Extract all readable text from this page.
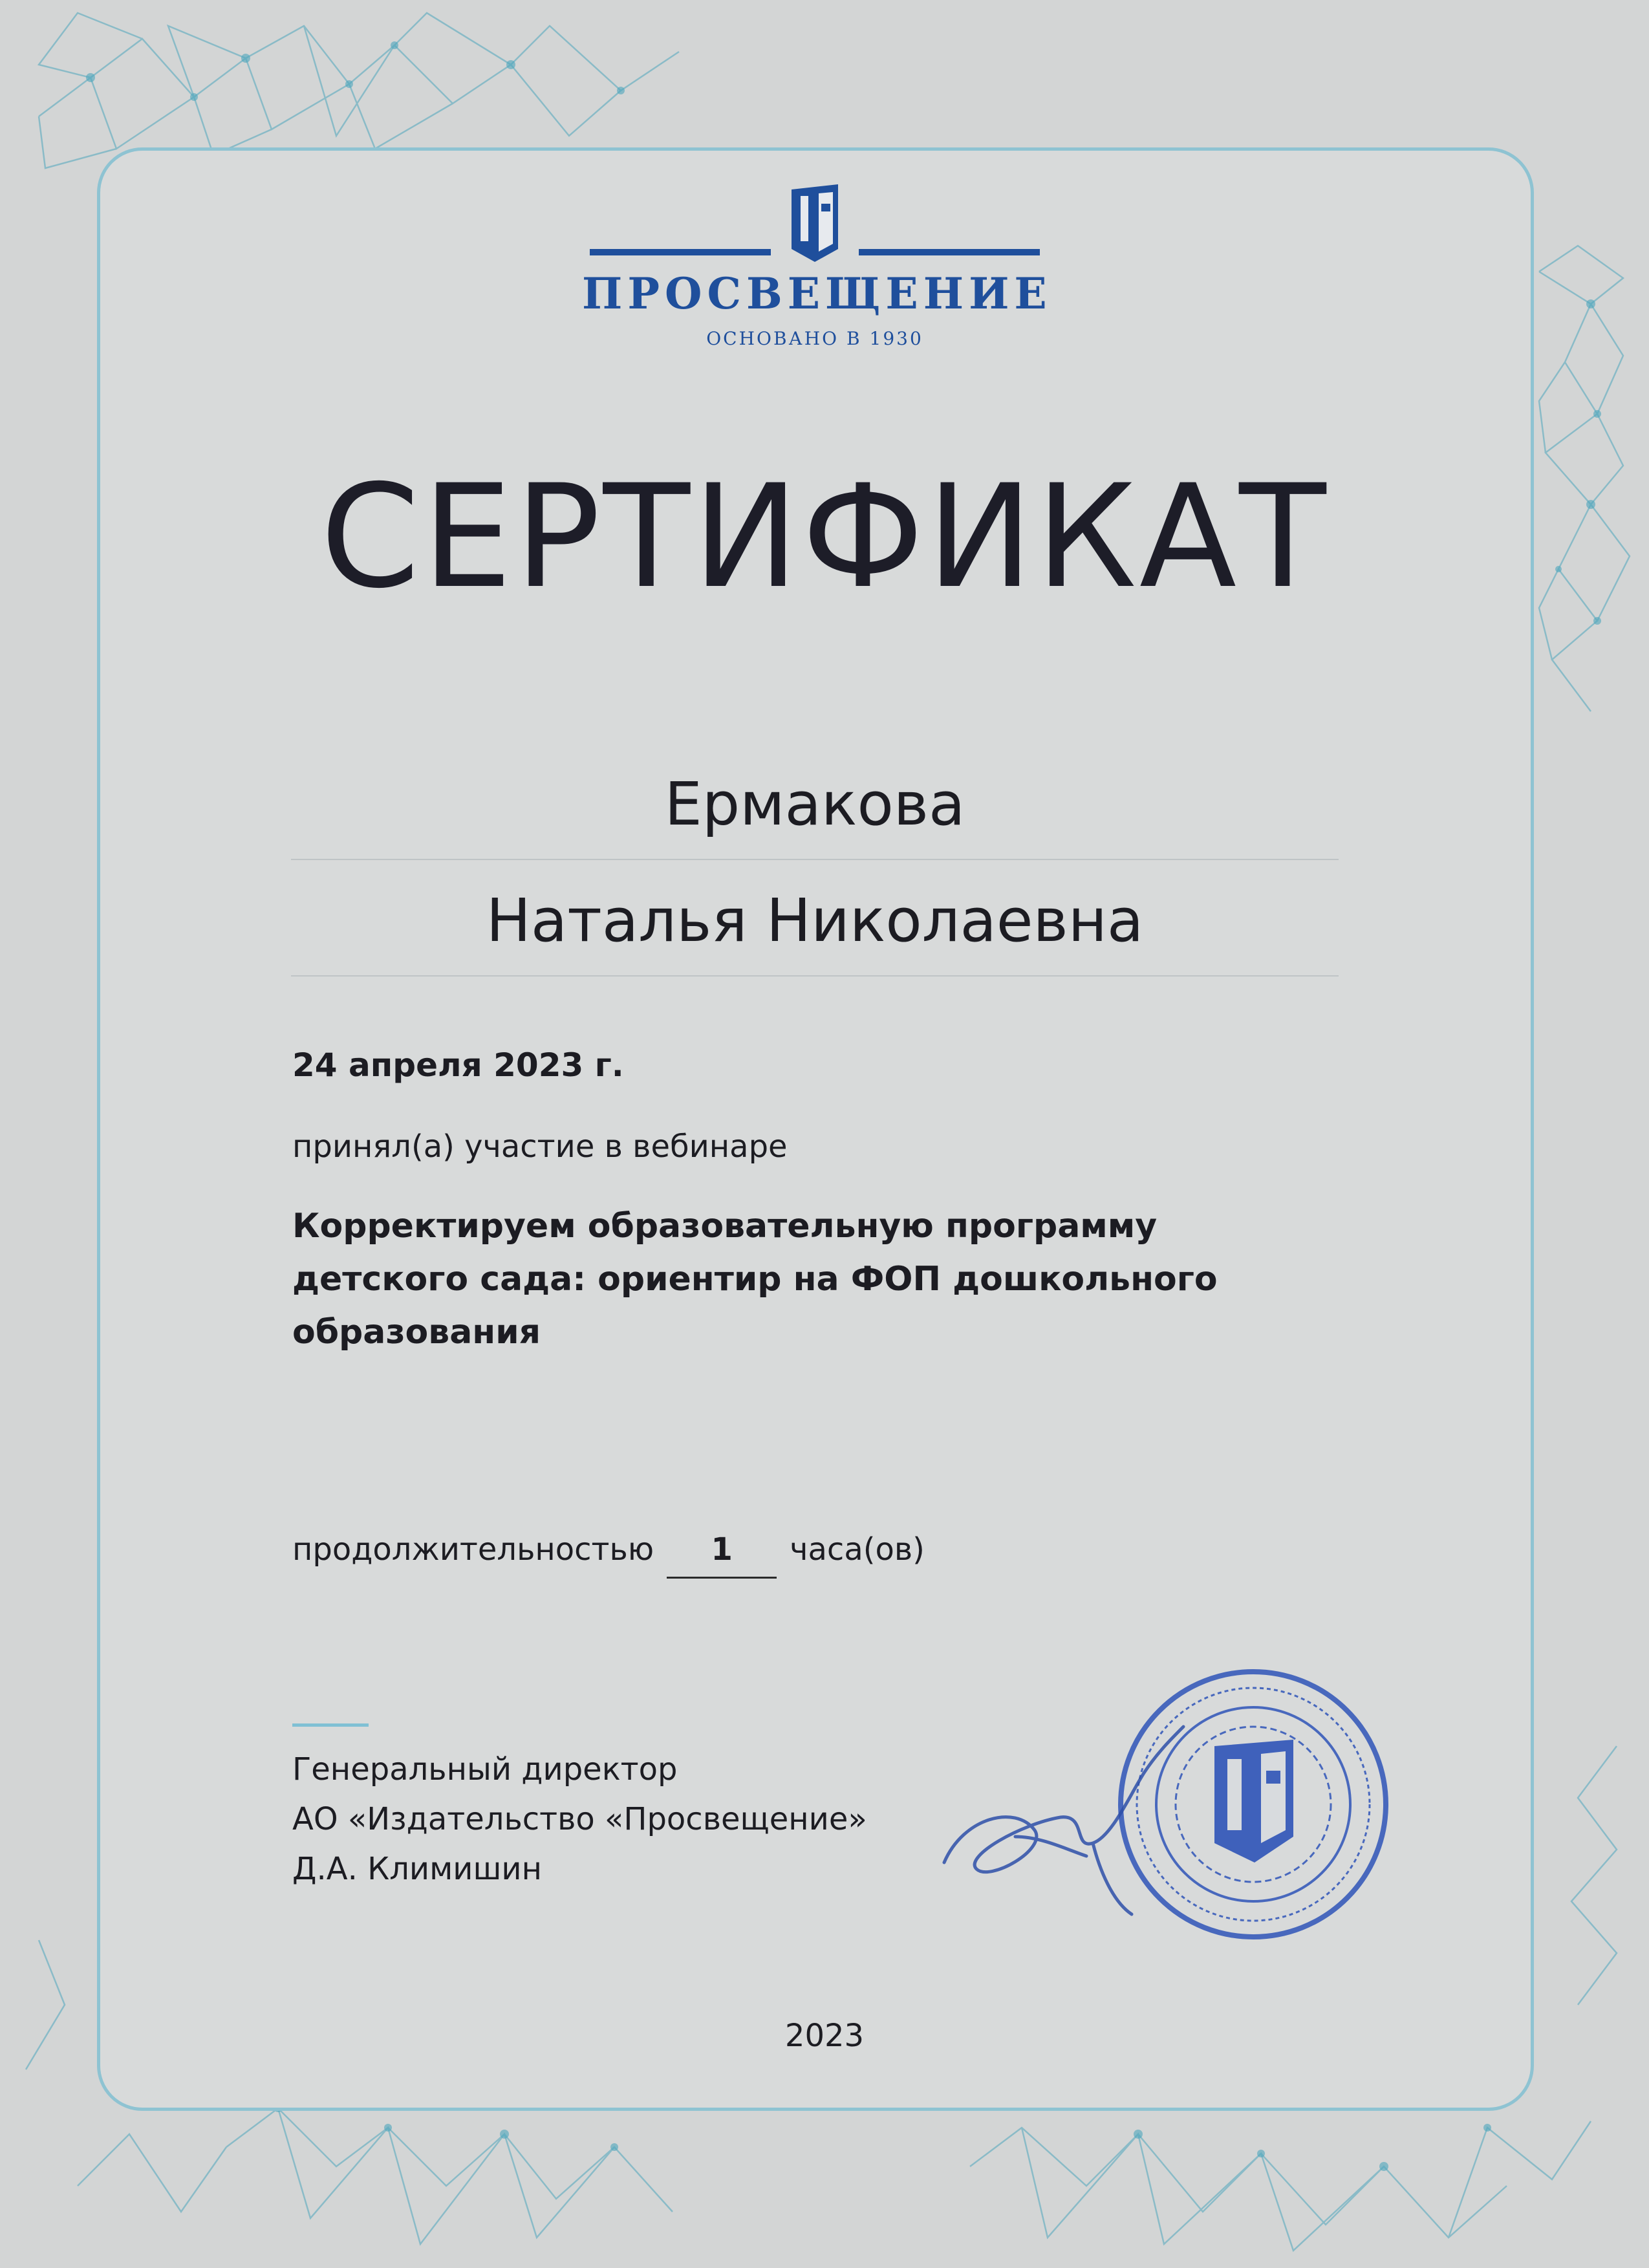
ПРОСВЕЩЕНИЕ
ОСНОВАНО В 1930
СЕРТИФИКАТ
Ермакова
Наталья Николаевна
24 апреля 2023 г.
принял(а) участие в вебинаре
Корректируем образовательную программу
детского сада: ориентир на ФОП дошкольного
образования
продолжительностью 1 часа(ов)
Генеральный директор
АО «Издательство «Просвещение»
Д.А. Климишин
2023
